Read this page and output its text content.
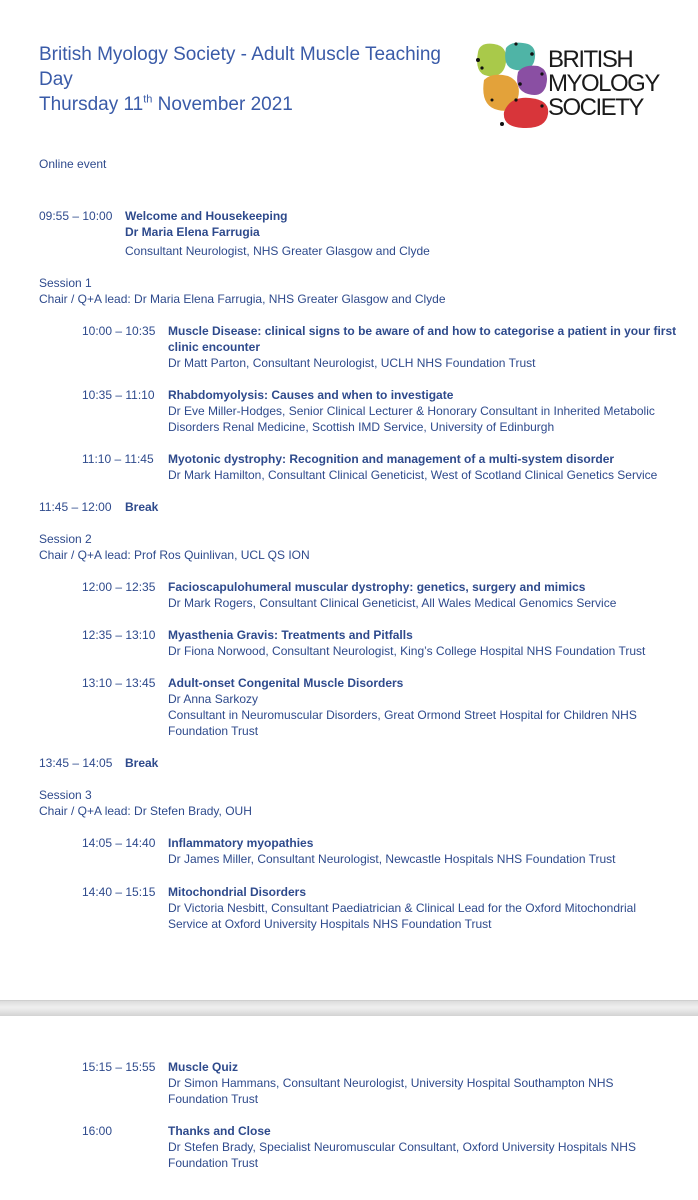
British Myology Society - Adult Muscle Teaching
Day
Thursday 11th November 2021
BRITISH
MYOLOGY
SOCIETY
Online event
09:55 – 10:00 Welcome and Housekeeping
Dr Maria Elena Farrugia
Consultant Neurologist, NHS Greater Glasgow and Clyde
Session 1
Chair / Q+A lead: Dr Maria Elena Farrugia, NHS Greater Glasgow and Clyde
10:00 – 10:35 Muscle Disease: clinical signs to be aware of and how to categorise a patient in your first
clinic encounter
Dr Matt Parton, Consultant Neurologist, UCLH NHS Foundation Trust
10:35 – 11:10 Rhabdomyolysis: Causes and when to investigate
Dr Eve Miller-Hodges, Senior Clinical Lecturer & Honorary Consultant in Inherited Metabolic
Disorders Renal Medicine, Scottish IMD Service, University of Edinburgh
11:10 – 11:45 Myotonic dystrophy: Recognition and management of a multi-system disorder
Dr Mark Hamilton, Consultant Clinical Geneticist, West of Scotland Clinical Genetics Service
11:45 – 12:00 Break
Session 2
Chair / Q+A lead: Prof Ros Quinlivan, UCL QS ION
12:00 – 12:35 Facioscapulohumeral muscular dystrophy: genetics, surgery and mimics
Dr Mark Rogers, Consultant Clinical Geneticist, All Wales Medical Genomics Service
12:35 – 13:10 Myasthenia Gravis: Treatments and Pitfalls
Dr Fiona Norwood, Consultant Neurologist, King’s College Hospital NHS Foundation Trust
13:10 – 13:45 Adult-onset Congenital Muscle Disorders
Dr Anna Sarkozy
Consultant in Neuromuscular Disorders, Great Ormond Street Hospital for Children NHS
Foundation Trust
13:45 – 14:05 Break
Session 3
Chair / Q+A lead: Dr Stefen Brady, OUH
14:05 – 14:40 Inflammatory myopathies
Dr James Miller, Consultant Neurologist, Newcastle Hospitals NHS Foundation Trust
14:40 – 15:15 Mitochondrial Disorders
Dr Victoria Nesbitt, Consultant Paediatrician & Clinical Lead for the Oxford Mitochondrial
Service at Oxford University Hospitals NHS Foundation Trust
15:15 – 15:55 Muscle Quiz
Dr Simon Hammans, Consultant Neurologist, University Hospital Southampton NHS
Foundation Trust
16:00	Thanks and Close
Dr Stefen Brady, Specialist Neuromuscular Consultant, Oxford University Hospitals NHS
Foundation Trust
